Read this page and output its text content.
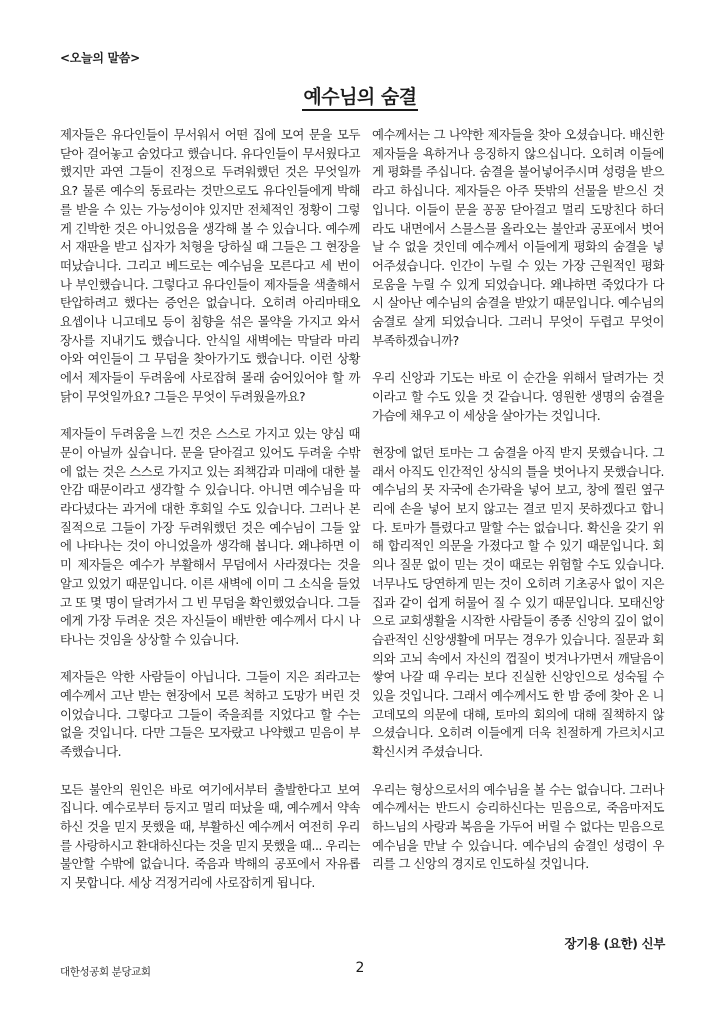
<오늘의 말씀>
예수님의 숨결

제자들은 유다인들이 무서워서 어떤 집에 모여 문을 모두 닫아 걸어놓고 숨었다고 했습니다. 유다인들이 무서웠다고 했지만 과연 그들이 진정으로 두려워했던 것은 무엇일까요? 물론 예수의 동료라는 것만으로도 유다인들에게 박해를 받을 수 있는 가능성이야 있지만 전체적인 정황이 그렇게 긴박한 것은 아니었음을 생각해 볼 수 있습니다. 예수께서 재판을 받고 십자가 처형을 당하실 때 그들은 그 현장을 떠났습니다. 그리고 베드로는 예수님을 모른다고 세 번이나 부인했습니다. 그렇다고 유다인들이 제자들을 색출해서 탄압하려고 했다는 증언은 없습니다. 오히려 아리마태오 요셉이나 니고데모 등이 침향을 섞은 몰약을 가지고 와서 장사를 지내기도 했습니다. 안식일 새벽에는 막달라 마리아와 여인들이 그 무덤을 찾아가기도 했습니다. 이런 상황에서 제자들이 두려움에 사로잡혀 몰래 숨어있어야 할 까닭이 무엇일까요? 그들은 무엇이 두려웠을까요?

제자들이 두려움을 느낀 것은 스스로 가지고 있는 양심 때문이 아닐까 싶습니다. 문을 닫아걸고 있어도 두려울 수밖에 없는 것은 스스로 가지고 있는 죄책감과 미래에 대한 불안감 때문이라고 생각할 수 있습니다. 아니면 예수님을 따라다녔다는 과거에 대한 후회일 수도 있습니다. 그러나 본질적으로 그들이 가장 두려워했던 것은 예수님이 그들 앞에 나타나는 것이 아니었을까 생각해 봅니다. 왜냐하면 이미 제자들은 예수가 부활해서 무덤에서 사라졌다는 것을 알고 있었기 때문입니다. 이른 새벽에 이미 그 소식을 들었고 또 몇 명이 달려가서 그 빈 무덤을 확인했었습니다. 그들에게 가장 두려운 것은 자신들이 배반한 예수께서 다시 나타나는 것임을 상상할 수 있습니다.

제자들은 악한 사람들이 아닙니다. 그들이 지은 죄라고는 예수께서 고난 받는 현장에서 모른 척하고 도망가 버린 것이었습니다. 그렇다고 그들이 죽을죄를 지었다고 할 수는 없을 것입니다. 다만 그들은 모자랐고 나약했고 믿음이 부족했습니다.

모든 불안의 원인은 바로 여기에서부터 출발한다고 보여 집니다. 예수로부터 등지고 멀리 떠났을 때, 예수께서 약속하신 것을 믿지 못했을 때, 부활하신 예수께서 여전히 우리를 사랑하시고 환대하신다는 것을 믿지 못했을 때... 우리는 불안할 수밖에 없습니다. 죽음과 박해의 공포에서 자유롭지 못합니다. 세상 걱정거리에 사로잡히게 됩니다.

예수께서는 그 나약한 제자들을 찾아 오셨습니다. 배신한 제자들을 욕하거나 응징하지 않으십니다. 오히려 이들에게 평화를 주십니다. 숨결을 불어넣어주시며 성령을 받으라고 하십니다. 제자들은 아주 뜻밖의 선물을 받으신 것입니다. 이들이 문을 꽁꽁 닫아걸고 멀리 도망친다 하더라도 내면에서 스믈스믈 올라오는 불안과 공포에서 벗어날 수 없을 것인데 예수께서 이들에게 평화의 숨결을 넣어주셨습니다. 인간이 누릴 수 있는 가장 근원적인 평화로움을 누릴 수 있게 되었습니다. 왜냐하면 죽었다가 다시 살아난 예수님의 숨결을 받았기 때문입니다. 예수님의 숨결로 살게 되었습니다. 그러니 무엇이 두렵고 무엇이 부족하겠습니까?

우리 신앙과 기도는 바로 이 순간을 위해서 달려가는 것이라고 할 수도 있을 것 같습니다. 영원한 생명의 숨결을 가슴에 채우고 이 세상을 살아가는 것입니다.

현장에 없던 토마는 그 숨결을 아직 받지 못했습니다. 그래서 아직도 인간적인 상식의 틀을 벗어나지 못했습니다. 예수님의 못 자국에 손가락을 넣어 보고, 창에 찔린 옆구리에 손을 넣어 보지 않고는 결코 믿지 못하겠다고 합니다. 토마가 틀렸다고 말할 수는 없습니다. 확신을 갖기 위해 합리적인 의문을 가졌다고 할 수 있기 때문입니다. 회의나 질문 없이 믿는 것이 때로는 위험할 수도 있습니다. 너무나도 당연하게 믿는 것이 오히려 기초공사 없이 지은 집과 같이 쉽게 허물어 질 수 있기 때문입니다. 모태신앙으로 교회생활을 시작한 사람들이 종종 신앙의 깊이 없이 습관적인 신앙생활에 머무는 경우가 있습니다. 질문과 회의와 고뇌 속에서 자신의 껍질이 벗겨나가면서 깨달음이 쌓여 나갈 때 우리는 보다 진실한 신앙인으로 성숙될 수 있을 것입니다. 그래서 예수께서도 한 밤 중에 찾아 온 니고데모의 의문에 대해, 토마의 회의에 대해 질책하지 않으셨습니다. 오히려 이들에게 더욱 친절하게 가르치시고 확신시켜 주셨습니다.

우리는 형상으로서의 예수님을 볼 수는 없습니다. 그러나 예수께서는 반드시 승리하신다는 믿음으로, 죽음마저도 하느님의 사랑과 복음을 가두어 버릴 수 없다는 믿음으로 예수님을 만날 수 있습니다. 예수님의 숨결인 성령이 우리를 그 신앙의 경지로 인도하실 것입니다.

장기용 (요한) 신부
대한성공회 분당교회	2
